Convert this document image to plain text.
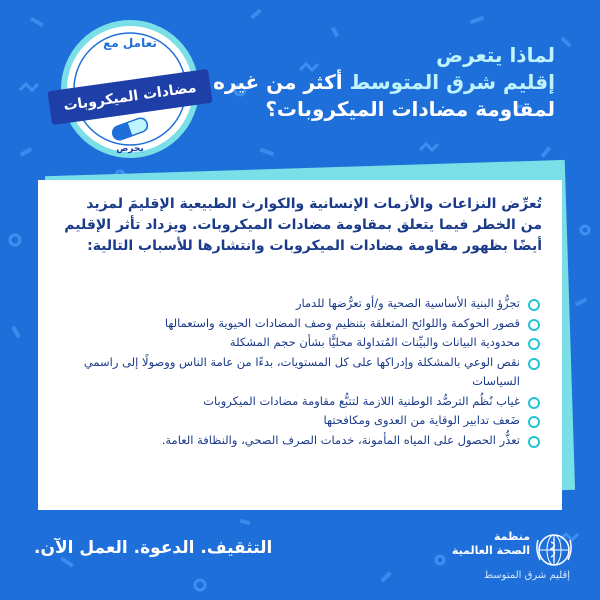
لماذا يتعرض
إقليم شرق المتوسط أكثر من غيره
لمقاومة مضادات الميكروبات؟
تعامل مع
مضادات الميكروبات
بحرص
تُعرِّض النزاعات والأزمات الإنسانية والكوارث الطبيعية الإقليمَ لمزيد من الخطر فيما يتعلق بمقاومة مضادات الميكروبات. ويزداد تأثر الإقليم أيضًا بظهور مقاومة مضادات الميكروبات وانتشارها للأسباب التالية:
تجزُّؤ البنية الأساسية الصحية و/أو تعرُّضها للدمار
قصور الحوكمة واللوائح المتعلقة بتنظيم وصف المضادات الحيوية واستعمالها
محدودية البيانات والبيِّنات المُتداولة محليًّا بشأن حجم المشكلة
نقص الوعي بالمشكلة وإدراكها على كل المستويات، بدءًا من عامة الناس ووصولًا إلى راسمي السياسات
غياب نُظُم الترصُّد الوطنية اللازمة لتتبُّع مقاومة مضادات الميكروبات
ضَعف تدابير الوقاية من العدوى ومكافحتها
تعذُّر الحصول على المياه المأمونة، خدمات الصرف الصحي، والنظافة العامة.
التثقيف. الدعوة. العمل الآن.
منظمة
الصحة العالمية
إقليم شرق المتوسط
